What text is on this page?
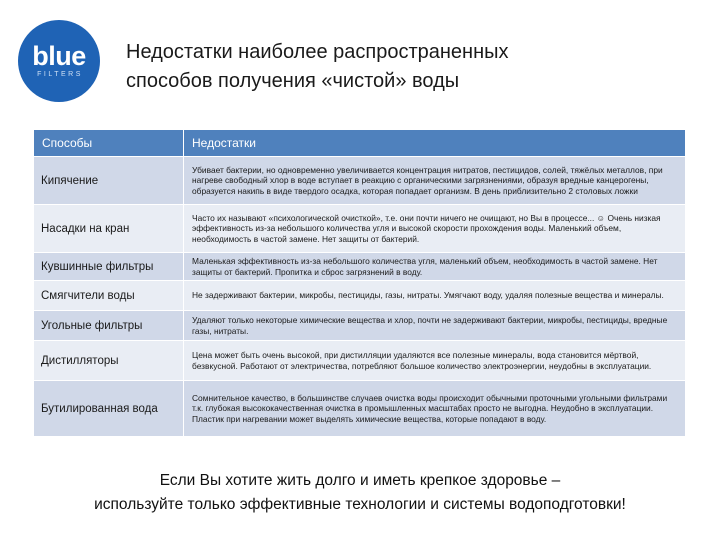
blue
FILTERS
Недостатки наиболее распространенных
способов получения «чистой» воды
Способы	Недостатки
Кипячение	Убивает бактерии, но одновременно увеличивается концентрация нитратов, пестицидов, солей, тяжёлых металлов, при нагреве свободный хлор в воде вступает в реакцию с органическими загрязнениями, образуя вредные канцерогены, образуется накипь в виде твердого осадка, которая попадает организм. В день приблизительно 2 столовых ложки
Насадки на кран	Часто их называют «психологической очисткой», т.е. они почти ничего не очищают, но Вы в процессе... ☺ Очень низкая эффективность из-за небольшого количества угля и высокой скорости прохождения воды. Маленький объем, необходимость в частой замене. Нет защиты от бактерий.
Кувшинные фильтры	Маленькая эффективность из-за небольшого количества угля, маленький объем, необходимость в частой замене. Нет защиты от бактерий. Пропитка и сброс загрязнений в воду.
Смягчители воды	Не задерживают бактерии, микробы, пестициды, газы, нитраты. Умягчают воду, удаляя полезные вещества и минералы.
Угольные фильтры	Удаляют только некоторые химические вещества и хлор, почти не задерживают бактерии, микробы, пестициды, вредные газы, нитраты.
Дистилляторы	Цена может быть очень высокой, при дистилляции удаляются все полезные минералы, вода становится мёртвой, безвкусной. Работают от электричества, потребляют большое количество электроэнергии, неудобны в эксплуатации.
Бутилированная вода	Сомнительное качество, в большинстве случаев очистка воды происходит обычными проточными угольными фильтрами т.к. глубокая высококачественная очистка в промышленных масштабах просто не выгодна. Неудобно в эксплуатации. Пластик при нагревании может выделять химические вещества, которые попадают в воду.
Если Вы хотите жить долго и иметь крепкое здоровье –
используйте только эффективные технологии и системы водоподготовки!
